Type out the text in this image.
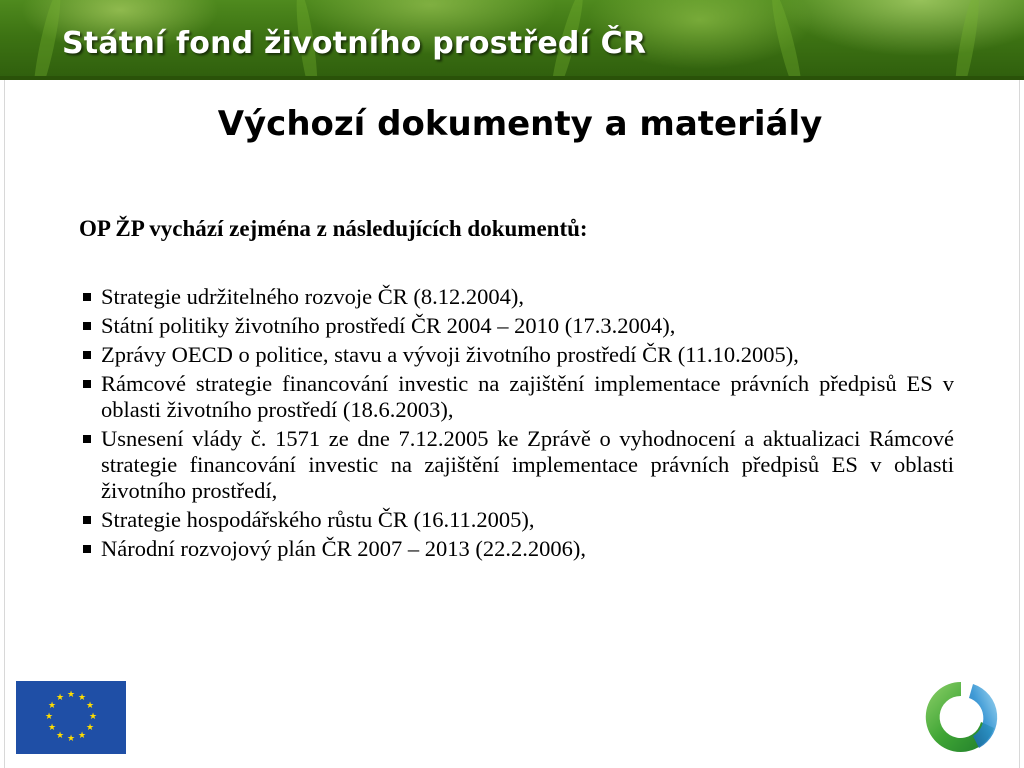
Státní fond životního prostředí ČR
Výchozí dokumenty a materiály
OP ŽP vychází zejména z následujících dokumentů:
Strategie udržitelného rozvoje ČR (8.12.2004),
Státní politiky životního prostředí ČR 2004 – 2010 (17.3.2004),
Zprávy OECD o politice, stavu a vývoji životního prostředí ČR (11.10.2005),
Rámcové strategie financování investic na zajištění implementace právních předpisů ES v oblasti životního prostředí (18.6.2003),
Usnesení vlády č. 1571 ze dne 7.12.2005 ke Zprávě o vyhodnocení a aktualizaci Rámcové strategie financování investic na zajištění implementace právních předpisů ES v oblasti životního prostředí,
Strategie hospodářského růstu ČR (16.11.2005),
Národní rozvojový plán ČR 2007 – 2013 (22.2.2006),
★ ★
★
★
★
★
★
★
★
★
★
★
